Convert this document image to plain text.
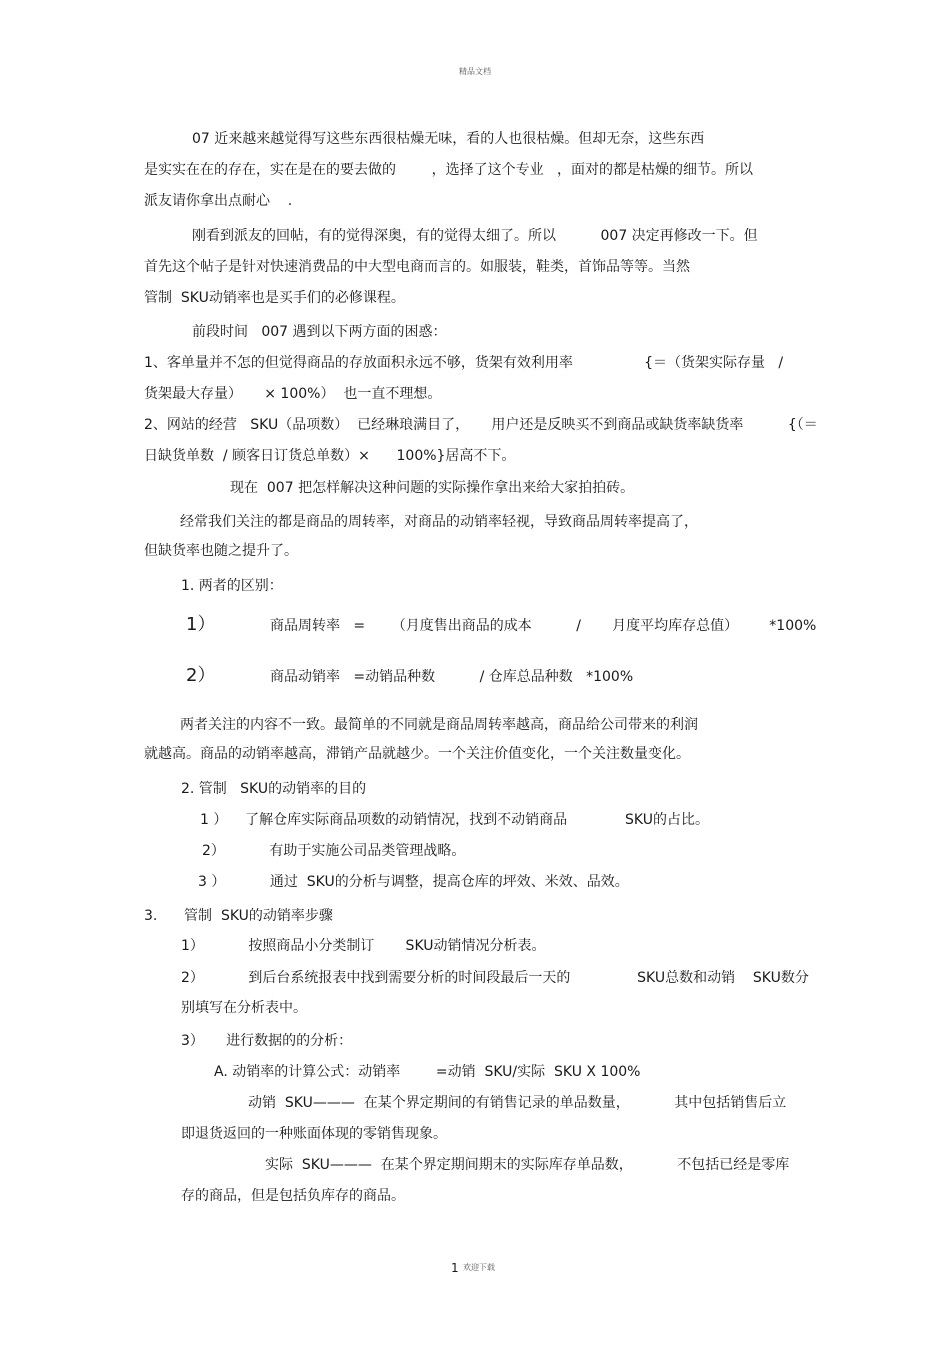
精品文档
07 近来越来越觉得写这些东西很枯燥无味，看的人也很枯燥。但却无奈，这些东西
是实实在在的存在，实在是在的要去做的        ，选择了这个专业   ，面对的都是枯燥的细节。所以
派友请你拿出点耐心    .
刚看到派友的回帖，有的觉得深奥，有的觉得太细了。所以          007 决定再修改一下。但
首先这个帖子是针对快速消费品的中大型电商而言的。如服装，鞋类，首饰品等等。当然
管制  SKU动销率也是买手们的必修课程。
前段时间   007 遇到以下两方面的困惑：
1、客单量并不怎的但觉得商品的存放面积永远不够，货架有效利用率                {＝（货架实际存量   /
货架最大存量）     × 100%）  也一直不理想。
2、网站的经营   SKU（品项数）  已经琳琅满目了，     用户还是反映买不到商品或缺货率缺货率          {（＝
日缺货单数  / 顾客日订货总单数）×      100%}居高不下。
现在  007 把怎样解决这种问题的实际操作拿出来给大家拍拍砖。
经常我们关注的都是商品的周转率，对商品的动销率轻视，导致商品周转率提高了，
但缺货率也随之提升了。
1. 两者的区别：
1）	商品周转率   =      （月度售出商品的成本          /       月度平均库存总值）       *100%
2）	商品动销率   =动销品种数          / 仓库总品种数   *100%
两者关注的内容不一致。最简单的不同就是商品周转率越高，商品给公司带来的利润
就越高。商品的动销率越高，滞销产品就越少。一个关注价值变化，一个关注数量变化。
2. 管制   SKU的动销率的目的
1 ）    了解仓库实际商品项数的动销情况，找到不动销商品             SKU的占比。
2）          有助于实施公司品类管理战略。
3 ）          通过  SKU的分析与调整，提高仓库的坪效、米效、品效。
3.      管制  SKU的动销率步骤
1）          按照商品小分类制订       SKU动销情况分析表。
2）          到后台系统报表中找到需要分析的时间段最后一天的               SKU总数和动销    SKU数分
别填写在分析表中。
3）     进行数据的的分析：
A. 动销率的计算公式：动销率        =动销  SKU/实际  SKU X 100%
动销  SKU———  在某个界定期间的有销售记录的单品数量，          其中包括销售后立
即退货返回的一种账面体现的零销售现象。
实际  SKU———  在某个界定期间期末的实际库存单品数，          不包括已经是零库
存的商品，但是包括负库存的商品。
1 欢迎下载
